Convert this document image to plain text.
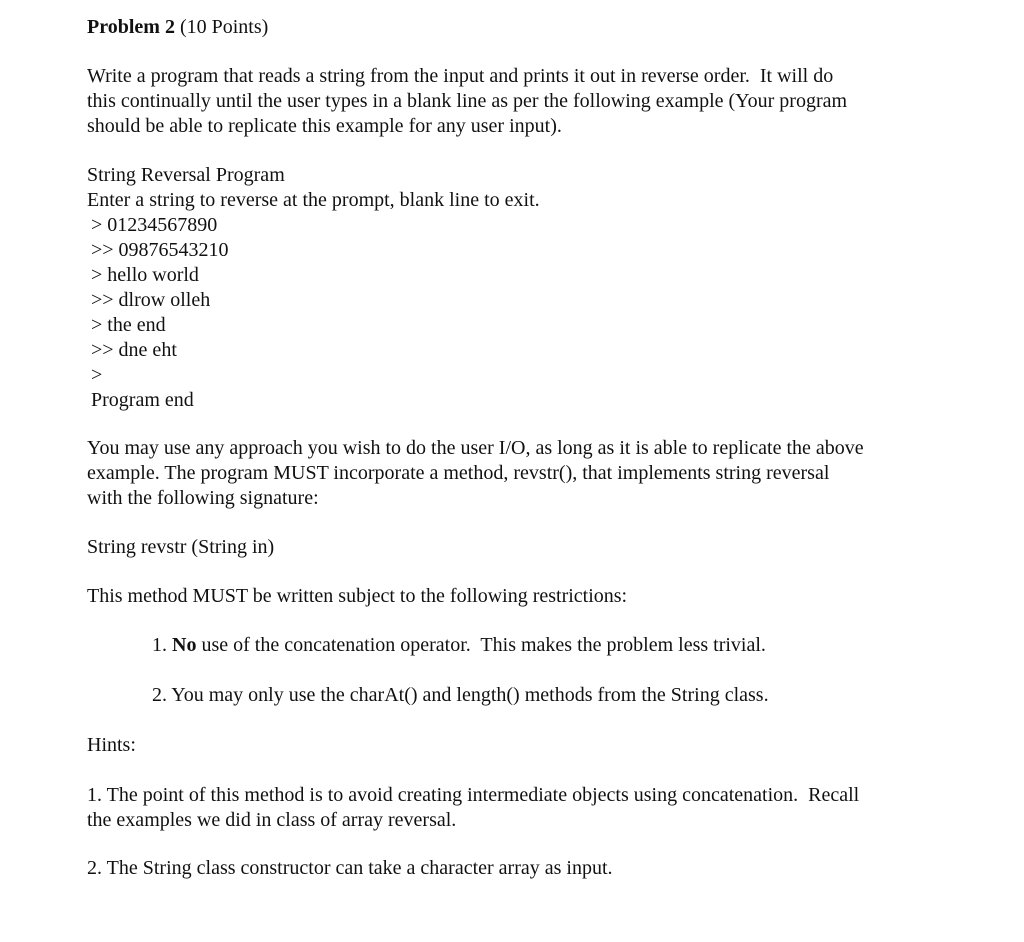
Problem 2 (10 Points)
Write a program that reads a string from the input and prints it out in reverse order.  It will do
this continually until the user types in a blank line as per the following example (Your program
should be able to replicate this example for any user input).
String Reversal Program
Enter a string to reverse at the prompt, blank line to exit.
> 01234567890
>> 09876543210
> hello world
>> dlrow olleh
> the end
>> dne eht
>
Program end
You may use any approach you wish to do the user I/O, as long as it is able to replicate the above
example. The program MUST incorporate a method, revstr(), that implements string reversal
with the following signature:
String revstr (String in)
This method MUST be written subject to the following restrictions:
1. No use of the concatenation operator.  This makes the problem less trivial.
2. You may only use the charAt() and length() methods from the String class.
Hints:
1. The point of this method is to avoid creating intermediate objects using concatenation.  Recall
the examples we did in class of array reversal.
2. The String class constructor can take a character array as input.
